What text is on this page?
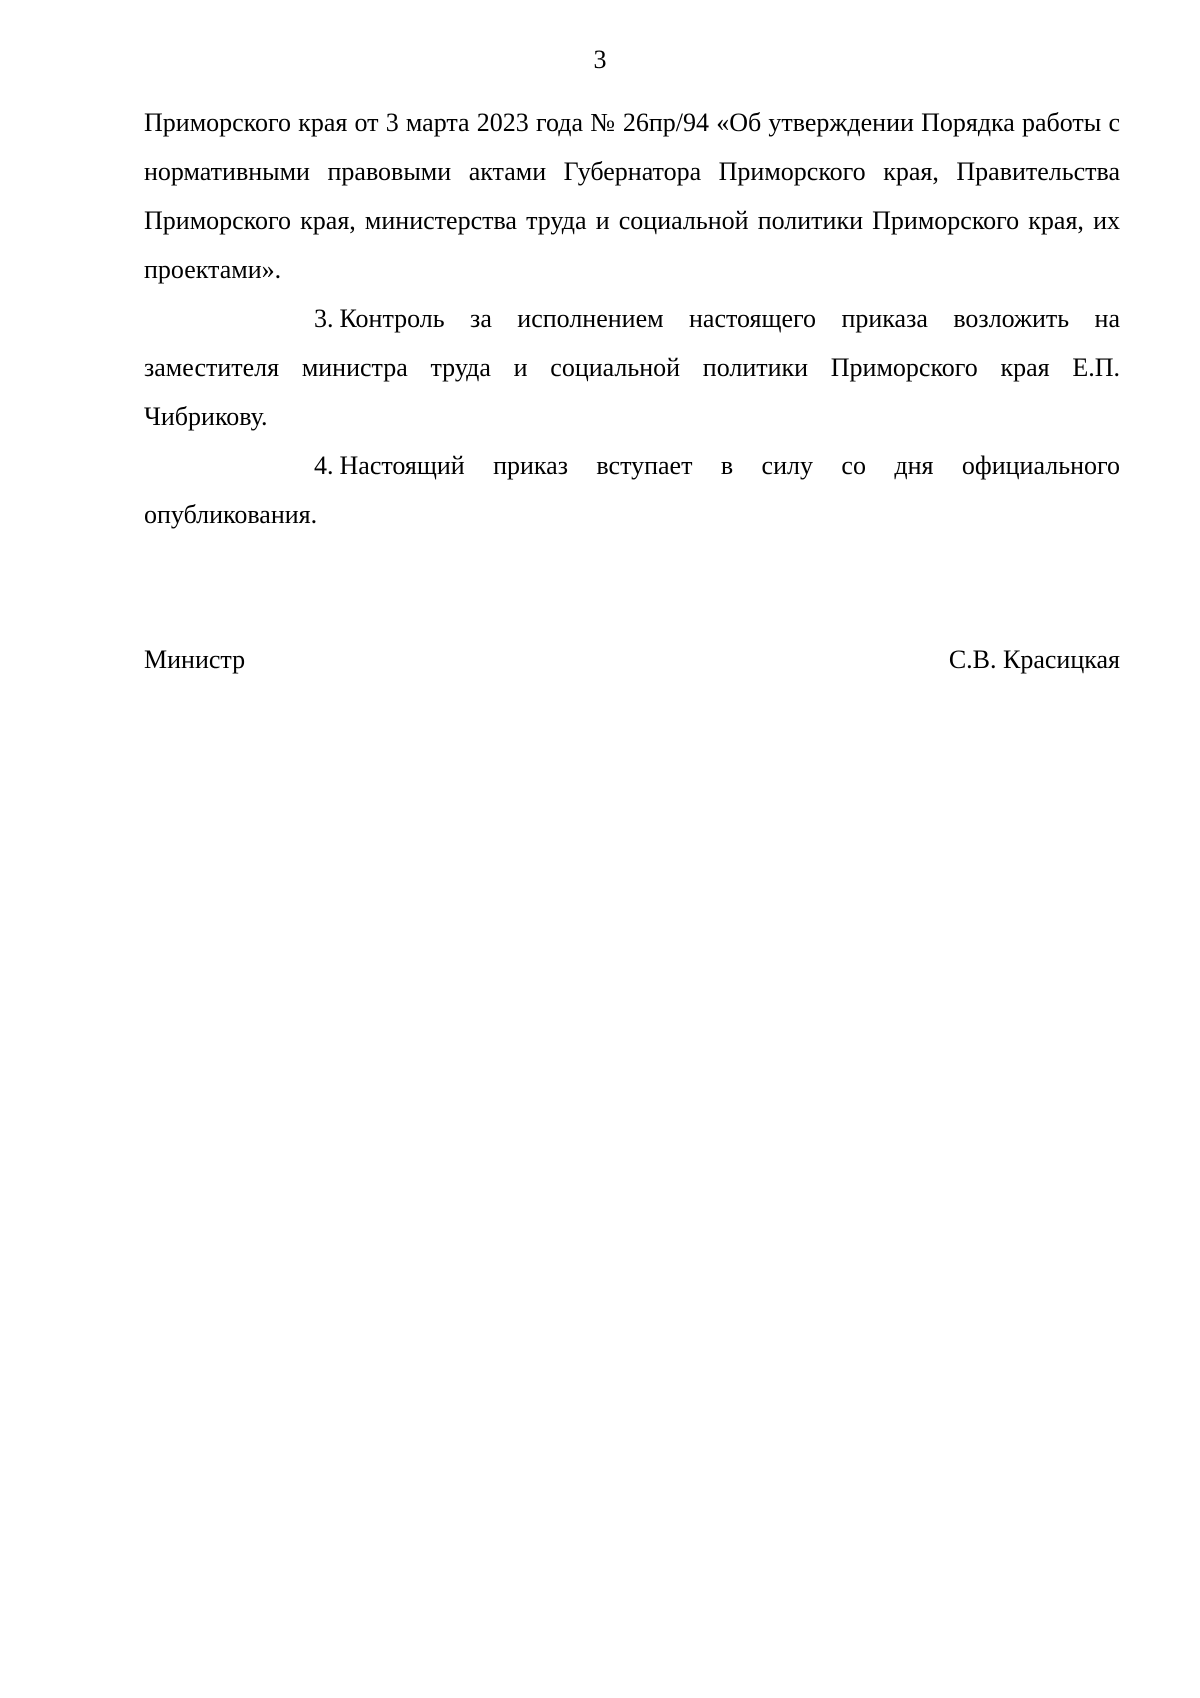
3

Приморского края от 3 марта 2023 года № 26пр/94 «Об утверждении Порядка работы с нормативными правовыми актами Губернатора Приморского края, Правительства Приморского края, министерства труда и социальной политики Приморского края, их проектами».

3. Контроль за исполнением настоящего приказа возложить на заместителя министра труда и социальной политики Приморского края Е.П. Чибрикову.

4. Настоящий приказ вступает в силу со дня официального опубликования.

Министр	С.В. Красицкая
